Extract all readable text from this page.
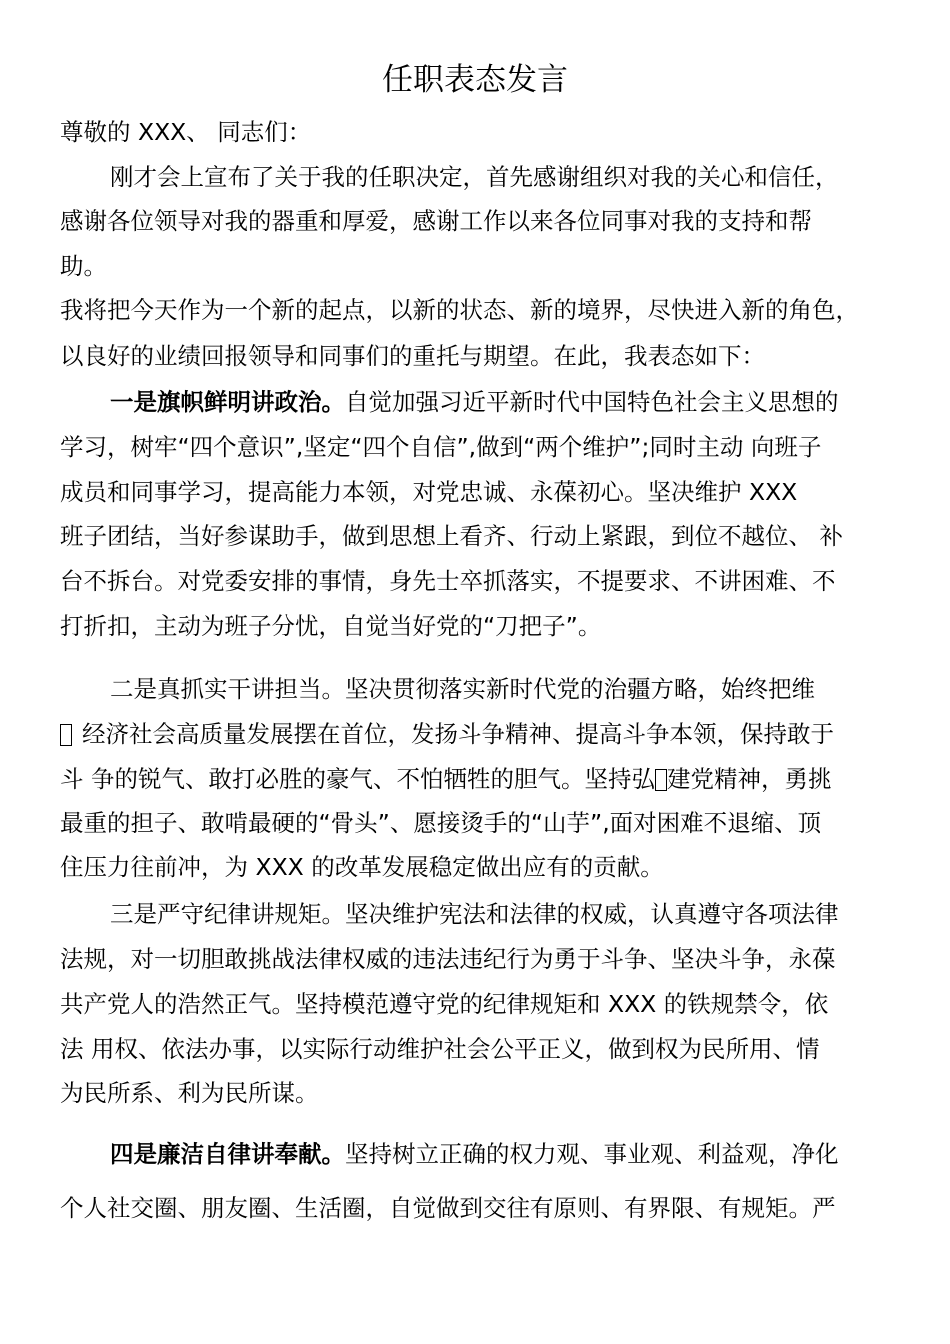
任职表态发言
尊敬的 XXX、 同志们：
刚才会上宣布了关于我的任职决定，首先感谢组织对我的关心和信任，
感谢各位领导对我的器重和厚爱，感谢工作以来各位同事对我的支持和帮
助。
我将把今天作为一个新的起点，以新的状态、新的境界，尽快进入新的角色，
以良好的业绩回报领导和同事们的重托与期望。在此，我表态如下：
一是旗帜鲜明讲政治。自觉加强习近平新时代中国特色社会主义思想的
学习，树牢“四个意识”,坚定“四个自信”,做到“两个维护”;同时主动 向班子
成员和同事学习，提高能力本领，对党忠诚、永葆初心。坚决维护 XXX
班子团结，当好参谋助手，做到思想上看齐、行动上紧跟，到位不越位、 补
台不拆台。对党委安排的事情，身先士卒抓落实，不提要求、不讲困难、不
打折扣，主动为班子分忧，自觉当好党的“刀把子”。
二是真抓实干讲担当。坚决贯彻落实新时代党的治疆方略，始终把维
经济社会高质量发展摆在首位，发扬斗争精神、提高斗争本领，保持敢于
斗 争的锐气、敢打必胜的豪气、不怕牺牲的胆气。坚持弘 建党精神，勇挑
最重的担子、敢啃最硬的“骨头”、愿接烫手的“山芋”,面对困难不退缩、顶
住压力往前冲，为 XXX 的改革发展稳定做出应有的贡献。
三是严守纪律讲规矩。坚决维护宪法和法律的权威，认真遵守各项法律
法规，对一切胆敢挑战法律权威的违法违纪行为勇于斗争、坚决斗争，永葆
共产党人的浩然正气。坚持模范遵守党的纪律规矩和 XXX 的铁规禁令，依
法 用权、依法办事，以实际行动维护社会公平正义，做到权为民所用、情
为民所系、利为民所谋。
四是廉洁自律讲奉献。坚持树立正确的权力观、事业观、利益观，净化
个人社交圈、朋友圈、生活圈，自觉做到交往有原则、有界限、有规矩。严
